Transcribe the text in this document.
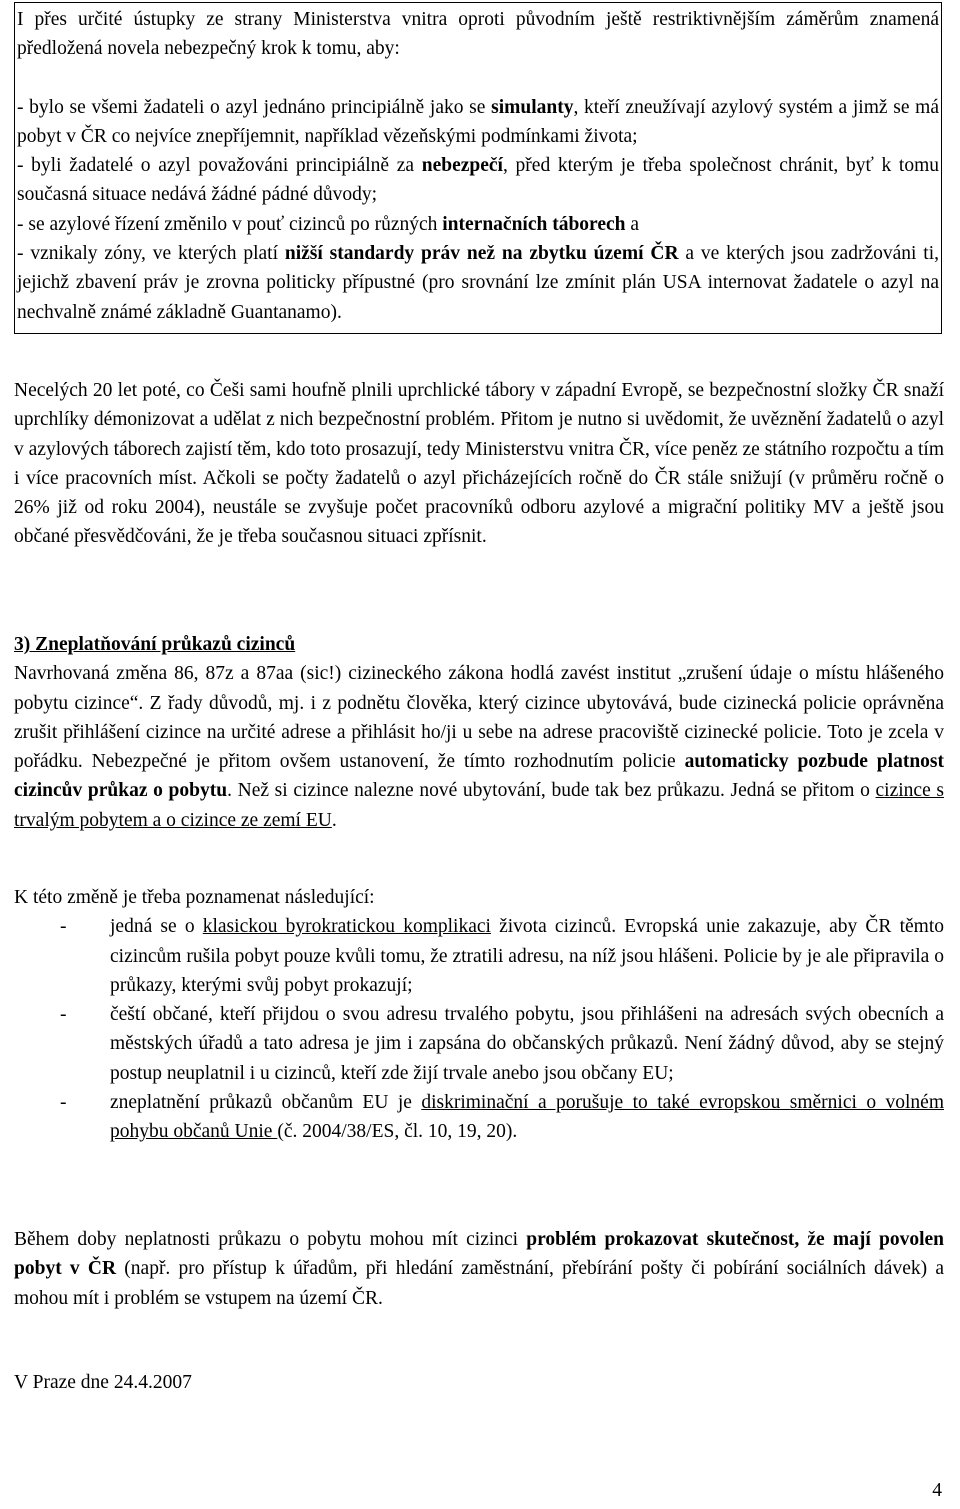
I přes určité ústupky ze strany Ministerstva vnitra oproti původním ještě restriktivnějším záměrům znamená předložená novela nebezpečný krok k tomu, aby:

- bylo se všemi žadateli o azyl jednáno principiálně jako se simulanty, kteří zneužívají azylový systém a jimž se má pobyt v ČR co nejvíce znepříjemnit, například vězeňskými podmínkami života;

- byli žadatelé o azyl považováni principiálně za nebezpečí, před kterým je třeba společnost chránit, byť k tomu současná situace nedává žádné pádné důvody;

- se azylové řízení změnilo v pouť cizinců po různých internačních táborech a

- vznikaly zóny, ve kterých platí nižší standardy práv než na zbytku území ČR a ve kterých jsou zadržováni ti, jejichž zbavení práv je zrovna politicky přípustné (pro srovnání lze zmínit plán USA internovat žadatele o azyl na nechvalně známé základně Guantanamo).

Necelých 20 let poté, co Češi sami houfně plnili uprchlické tábory v západní Evropě, se bezpečnostní složky ČR snaží uprchlíky démonizovat a udělat z nich bezpečnostní problém. Přitom je nutno si uvědomit, že uvěznění žadatelů o azyl v azylových táborech zajistí těm, kdo toto prosazují, tedy Ministerstvu vnitra ČR, více peněz ze státního rozpočtu a tím i více pracovních míst. Ačkoli se počty žadatelů o azyl přicházejících ročně do ČR stále snižují (v průměru ročně o 26% již od roku 2004), neustále se zvyšuje počet pracovníků odboru azylové a migrační politiky MV a ještě jsou občané přesvědčováni, že je třeba současnou situaci zpřísnit.

3) Zneplatňování průkazů cizinců

Navrhovaná změna 86, 87z a 87aa (sic!) cizineckého zákona hodlá zavést institut „zrušení údaje o místu hlášeného pobytu cizince“. Z řady důvodů, mj. i z podnětu člověka, který cizince ubytovává, bude cizinecká policie oprávněna zrušit přihlášení cizince na určité adrese a přihlásit ho/ji u sebe na adrese pracoviště cizinecké policie. Toto je zcela v pořádku. Nebezpečné je přitom ovšem ustanovení, že tímto rozhodnutím policie automaticky pozbude platnost cizincův průkaz o pobytu. Než si cizince nalezne nové ubytování, bude tak bez průkazu. Jedná se přitom o cizince s trvalým pobytem a o cizince ze zemí EU.

K této změně je třeba poznamenat následující:

- jedná se o klasickou byrokratickou komplikaci života cizinců. Evropská unie zakazuje, aby ČR těmto cizincům rušila pobyt pouze kvůli tomu, že ztratili adresu, na níž jsou hlášeni. Policie by je ale připravila o průkazy, kterými svůj pobyt prokazují;
- čeští občané, kteří přijdou o svou adresu trvalého pobytu, jsou přihlášeni na adresách svých obecních a městských úřadů a tato adresa je jim i zapsána do občanských průkazů. Není žádný důvod, aby se stejný postup neuplatnil i u cizinců, kteří zde žijí trvale anebo jsou občany EU;
- zneplatnění průkazů občanům EU je diskriminační a porušuje to také evropskou směrnici o volném pohybu občanů Unie (č. 2004/38/ES, čl. 10, 19, 20).

Během doby neplatnosti průkazu o pobytu mohou mít cizinci problém prokazovat skutečnost, že mají povolen pobyt v ČR (např. pro přístup k úřadům, při hledání zaměstnání, přebírání pošty či pobírání sociálních dávek) a mohou mít i problém se vstupem na území ČR.

V Praze dne 24.4.2007

4
